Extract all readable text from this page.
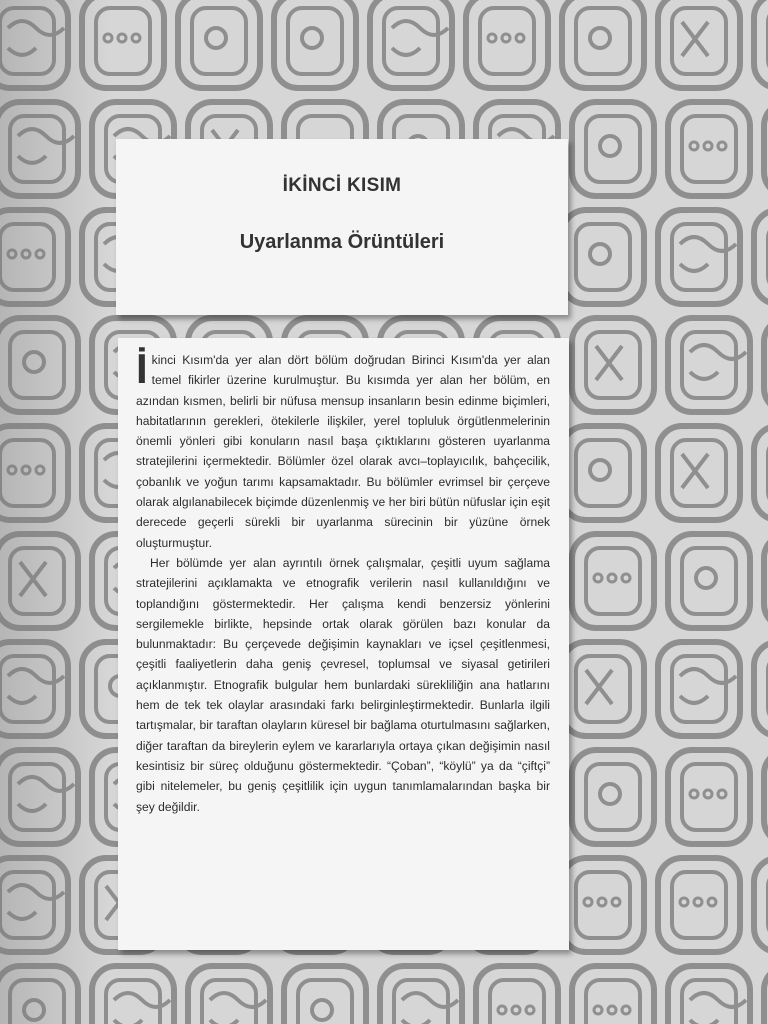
İKİNCİ KISIM
Uyarlanma Örüntüleri

İkinci Kısım'da yer alan dört bölüm doğrudan Birinci Kısım'da yer alan temel fikirler üzerine kurulmuştur. Bu kısımda yer alan her bölüm, en azından kısmen, belirli bir nüfusa mensup insanların besin edinme biçimleri, habitatlarının gerekleri, ötekilerle ilişkiler, yerel topluluk örgütlenmelerinin önemli yönleri gibi konuların nasıl başa çıktıklarını gösteren uyarlanma stratejilerini içermektedir. Bölümler özel olarak avcı–toplayıcılık, bahçecilik, çobanlık ve yoğun tarımı kapsamaktadır. Bu bölümler evrimsel bir çerçeve olarak algılanabilecek biçimde düzenlenmiş ve her biri bütün nüfuslar için eşit derecede geçerli sürekli bir uyarlanma sürecinin bir yüzüne örnek oluşturmuştur.

Her bölümde yer alan ayrıntılı örnek çalışmalar, çeşitli uyum sağlama stratejilerini açıklamakta ve etnografik verilerin nasıl kullanıldığını ve toplandığını göstermektedir. Her çalışma kendi benzersiz yönlerini sergilemekle birlikte, hepsinde ortak olarak görülen bazı konular da bulunmaktadır: Bu çerçevede değişimin kaynakları ve içsel çeşitlenmesi, çeşitli faaliyetlerin daha geniş çevresel, toplumsal ve siyasal getirileri açıklanmıştır. Etnografik bulgular hem bunlardaki sürekliliğin ana hatlarını hem de tek tek olaylar arasındaki farkı belirginleştirmektedir. Bunlarla ilgili tartışmalar, bir taraftan olayların küresel bir bağlama oturtulmasını sağlarken, diğer taraftan da bireylerin eylem ve kararlarıyla ortaya çıkan değişimin nasıl kesintisiz bir süreç olduğunu göstermektedir. “Çoban”, “köylü” ya da “çiftçi” gibi nitelemeler, bu geniş çeşitlilik için uygun tanımlamalarından başka bir şey değildir.
